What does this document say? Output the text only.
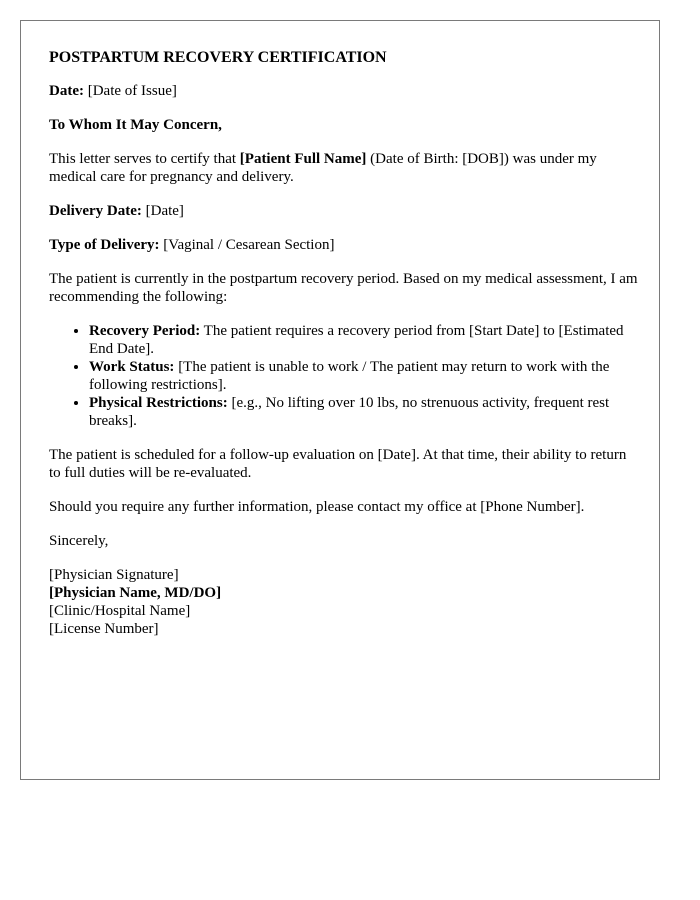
POSTPARTUM RECOVERY CERTIFICATION

Date: [Date of Issue]

To Whom It May Concern,

This letter serves to certify that [Patient Full Name] (Date of Birth: [DOB]) was under my medical care for pregnancy and delivery.

Delivery Date: [Date]

Type of Delivery: [Vaginal / Cesarean Section]

The patient is currently in the postpartum recovery period. Based on my medical assessment, I am recommending the following:

• Recovery Period: The patient requires a recovery period from [Start Date] to [Estimated End Date].
• Work Status: [The patient is unable to work / The patient may return to work with the following restrictions].
• Physical Restrictions: [e.g., No lifting over 10 lbs, no strenuous activity, frequent rest breaks].

The patient is scheduled for a follow-up evaluation on [Date]. At that time, their ability to return to full duties will be re-evaluated.

Should you require any further information, please contact my office at [Phone Number].

Sincerely,

[Physician Signature]
[Physician Name, MD/DO]
[Clinic/Hospital Name]
[License Number]
